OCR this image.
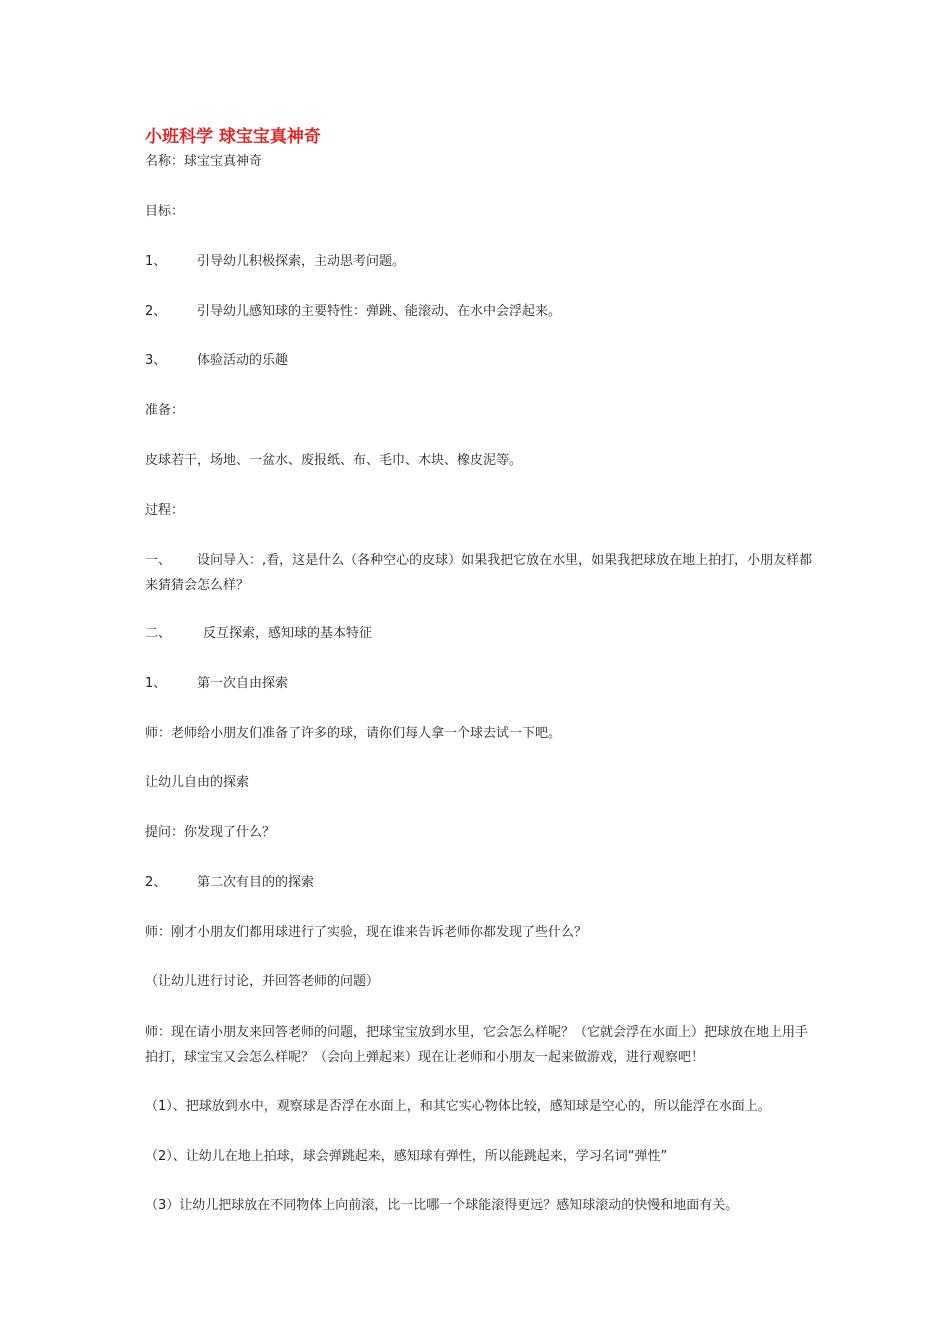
小班科学 球宝宝真神奇
名称：球宝宝真神奇
目标：
1、 引导幼儿积极探索，主动思考问题。
2、 引导幼儿感知球的主要特性：弹跳、能滚动、在水中会浮起来。
3、 体验活动的乐趣
准备：
皮球若干，场地、一盆水、废报纸、布、毛巾、木块、橡皮泥等。
过程：
一、 设问导入：,看，这是什么（各种空心的皮球）如果我把它放在水里，如果我把球放在地上拍打，小朋友样都来猜猜会怎么样？
二、 反互探索，感知球的基本特征
1、 第一次自由探索
师：老师给小朋友们准备了许多的球，请你们每人拿一个球去试一下吧。
让幼儿自由的探索
提问：你发现了什么？
2、 第二次有目的的探索
师：刚才小朋友们都用球进行了实验，现在谁来告诉老师你都发现了些什么？
（让幼儿进行讨论，并回答老师的问题）
师：现在请小朋友来回答老师的问题，把球宝宝放到水里，它会怎么样呢？（它就会浮在水面上）把球放在地上用手拍打，球宝宝又会怎么样呢？（会向上弹起来）现在让老师和小朋友一起来做游戏，进行观察吧！
（1）、把球放到水中，观察球是否浮在水面上，和其它实心物体比较，感知球是空心的，所以能浮在水面上。
（2）、让幼儿在地上拍球，球会弹跳起来，感知球有弹性，所以能跳起来，学习名词“弹性”
（3）让幼儿把球放在不同物体上向前滚，比一比哪一个球能滚得更远？感知球滚动的快慢和地面有关。
